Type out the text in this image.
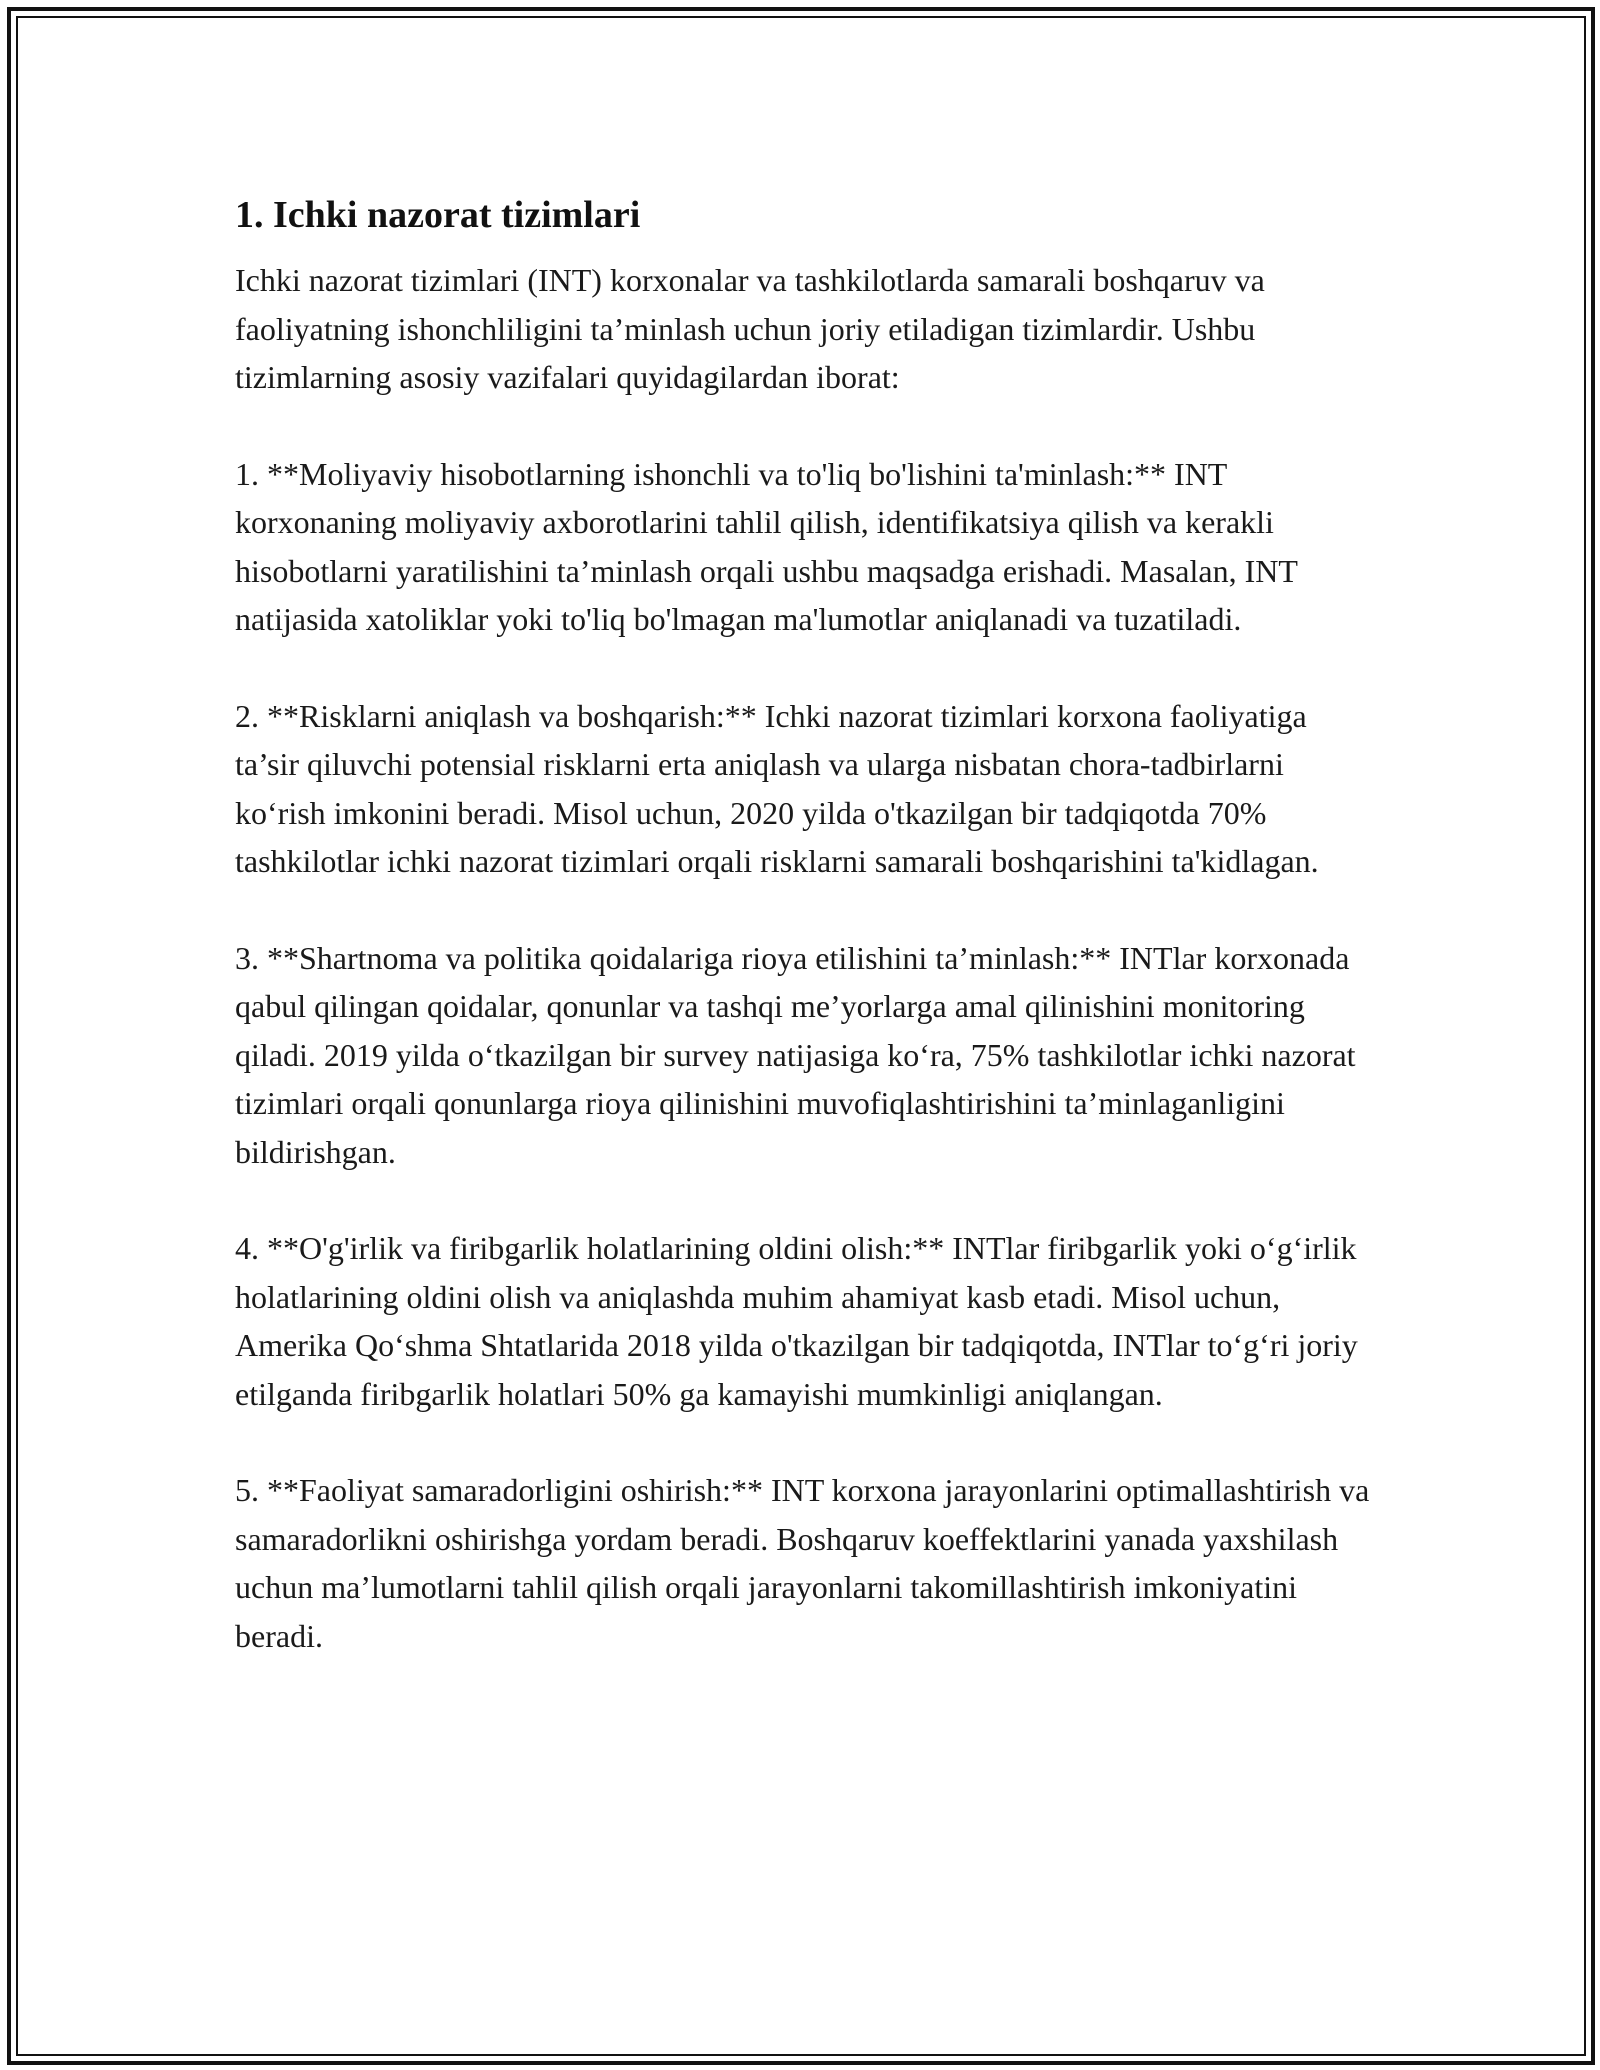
1. Ichki nazorat tizimlari

Ichki nazorat tizimlari (INT) korxonalar va tashkilotlarda samarali boshqaruv va faoliyatning ishonchliligini ta’minlash uchun joriy etiladigan tizimlardir. Ushbu tizimlarning asosiy vazifalari quyidagilardan iborat:

1. **Moliyaviy hisobotlarning ishonchli va to'liq bo'lishini ta'minlash:** INT korxonaning moliyaviy axborotlarini tahlil qilish, identifikatsiya qilish va kerakli hisobotlarni yaratilishini ta’minlash orqali ushbu maqsadga erishadi. Masalan, INT natijasida xatoliklar yoki to'liq bo'lmagan ma'lumotlar aniqlanadi va tuzatiladi.

2. **Risklarni aniqlash va boshqarish:** Ichki nazorat tizimlari korxona faoliyatiga ta’sir qiluvchi potensial risklarni erta aniqlash va ularga nisbatan chora-tadbirlarni ko‘rish imkonini beradi. Misol uchun, 2020 yilda o'tkazilgan bir tadqiqotda 70% tashkilotlar ichki nazorat tizimlari orqali risklarni samarali boshqarishini ta'kidlagan.

3. **Shartnoma va politika qoidalariga rioya etilishini ta’minlash:** INTlar korxonada qabul qilingan qoidalar, qonunlar va tashqi me’yorlarga amal qilinishini monitoring qiladi. 2019 yilda o‘tkazilgan bir survey natijasiga ko‘ra, 75% tashkilotlar ichki nazorat tizimlari orqali qonunlarga rioya qilinishini muvofiqlashtirishini ta’minlaganligini bildirishgan.

4. **O'g'irlik va firibgarlik holatlarining oldini olish:** INTlar firibgarlik yoki o‘g‘irlik holatlarining oldini olish va aniqlashda muhim ahamiyat kasb etadi. Misol uchun, Amerika Qo‘shma Shtatlarida 2018 yilda o'tkazilgan bir tadqiqotda, INTlar to‘g‘ri joriy etilganda firibgarlik holatlari 50% ga kamayishi mumkinligi aniqlangan.

5. **Faoliyat samaradorligini oshirish:** INT korxona jarayonlarini optimallashtirish va samaradorlikni oshirishga yordam beradi. Boshqaruv koeffektlarini yanada yaxshilash uchun ma’lumotlarni tahlil qilish orqali jarayonlarni takomillashtirish imkoniyatini beradi.
